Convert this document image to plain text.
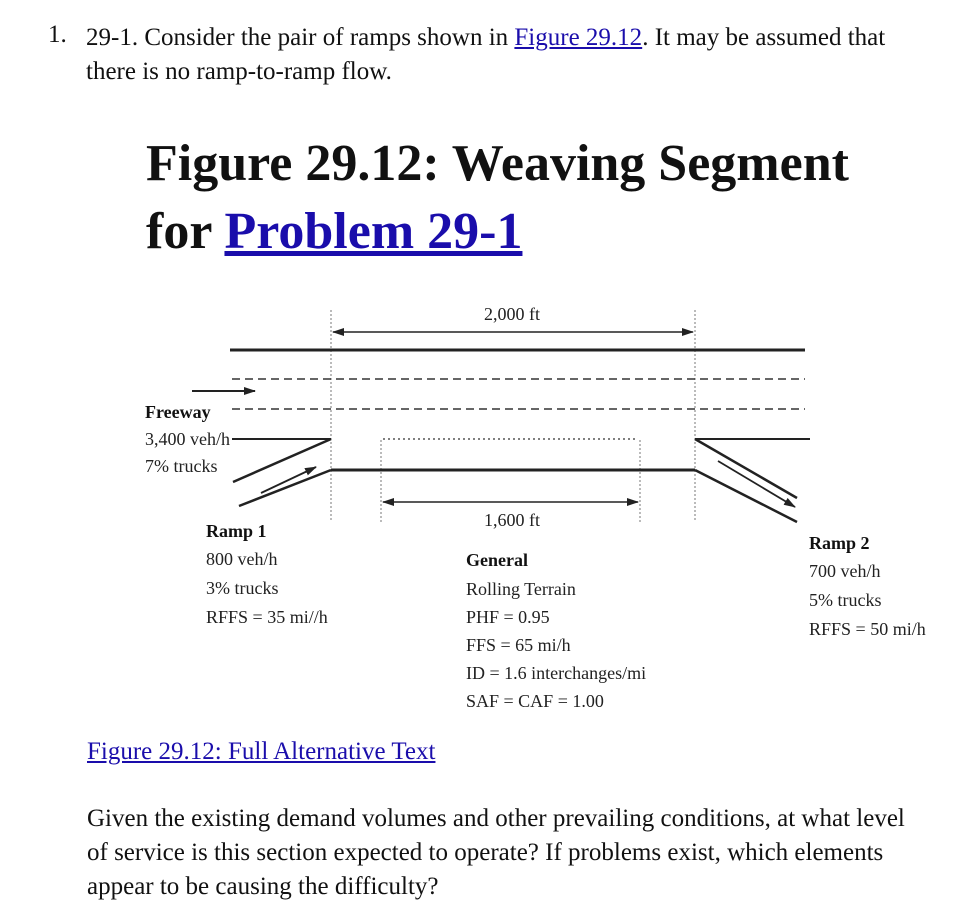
1. 29-1. Consider the pair of ramps shown in Figure 29.12. It may be assumed that there is no ramp-to-ramp flow.
Figure 29.12: Weaving Segment for Problem 29-1
2,000 ft
1,600 ft
Freeway
3,400 veh/h
7% trucks
Ramp 1
800 veh/h
3% trucks
RFFS = 35 mi//h
General
Rolling Terrain
PHF = 0.95
FFS = 65 mi/h
ID = 1.6 interchanges/mi
SAF = CAF = 1.00
Ramp 2
700 veh/h
5% trucks
RFFS = 50 mi/h
Figure 29.12: Full Alternative Text
Given the existing demand volumes and other prevailing conditions, at what level of service is this section expected to operate? If problems exist, which elements appear to be causing the difficulty?
